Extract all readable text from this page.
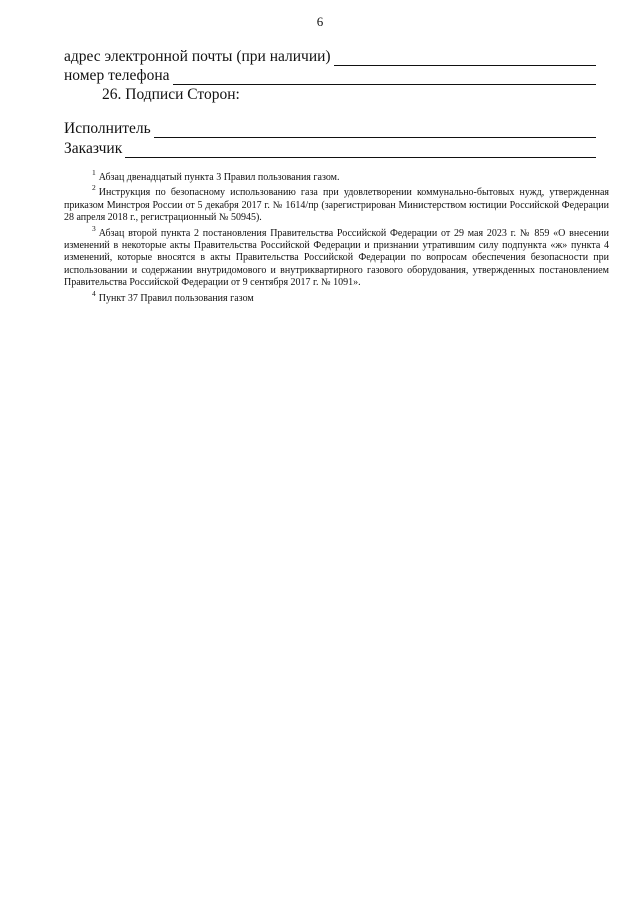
6
адрес электронной почты (при наличии)
номер телефона
26. Подписи Сторон:
Исполнитель
Заказчик

$^1$ Абзац двенадцатый пункта 3 Правил пользования газом.

$^2$ Инструкция по безопасному использованию газа при удовлетворении коммунально-бытовых нужд, утвержденная приказом Минстроя России от 5 декабря 2017 г. № 1614/пр (зарегистрирован Министерством юстиции Российской Федерации 28 апреля 2018 г., регистрационный № 50945).

$^3$ Абзац второй пункта 2 постановления Правительства Российской Федерации от 29 мая 2023 г. № 859 «О внесении изменений в некоторые акты Правительства Российской Федерации и признании утратившим силу подпункта «ж» пункта 4 изменений, которые вносятся в акты Правительства Российской Федерации по вопросам обеспечения безопасности при использовании и содержании внутридомового и внутриквартирного газового оборудования, утвержденных постановлением Правительства Российской Федерации от 9 сентября 2017 г. № 1091».

$^4$ Пункт 37 Правил пользования газом
